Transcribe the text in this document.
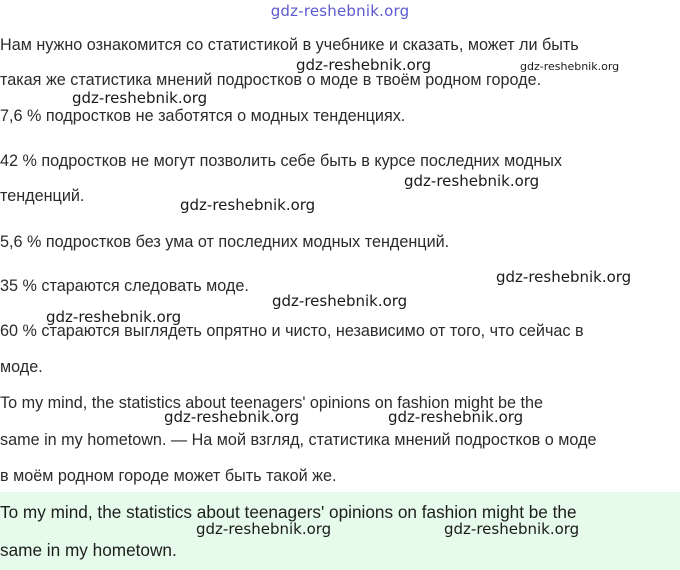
gdz-reshebnik.org
Нам нужно ознакомится со статистикой в учебнике и сказать, может ли быть
такая же статистика мнений подростков о моде в твоём родном городе.
7,6 % подростков не заботятся о модных тенденциях.
42 % подростков не могут позволить себе быть в курсе последних модных
тенденций.
5,6 % подростков без ума от последних модных тенденций.
35 % стараются следовать моде.
60 % стараются выглядеть опрятно и чисто, независимо от того, что сейчас в
моде.
To my mind, the statistics about teenagers' opinions on fashion might be the
same in my hometown. — На мой взгляд, статистика мнений подростков о моде
в моём родном городе может быть такой же.
To my mind, the statistics about teenagers' opinions on fashion might be the
same in my hometown.
gdz-reshebnik.org	gdz-reshebnik.org
gdz-reshebnik.org
gdz-reshebnik.org
gdz-reshebnik.org
gdz-reshebnik.org
gdz-reshebnik.org
gdz-reshebnik.org
gdz-reshebnik.org	gdz-reshebnik.org
gdz-reshebnik.org	gdz-reshebnik.org
